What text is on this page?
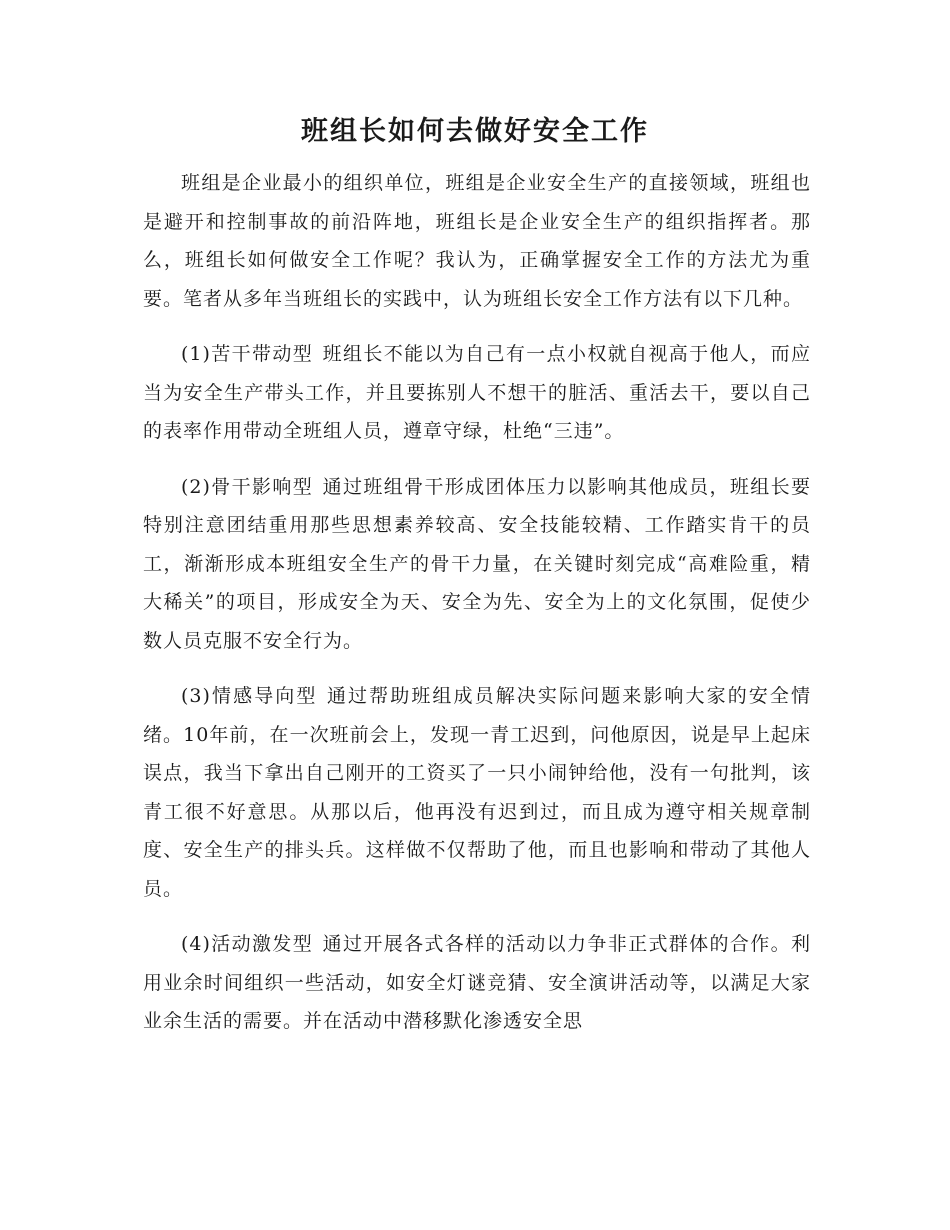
班组长如何去做好安全工作

班组是企业最小的组织单位，班组是企业安全生产的直接领域，班组也是避开和控制事故的前沿阵地，班组长是企业安全生产的组织指挥者。那么，班组长如何做安全工作呢？我认为，正确掌握安全工作的方法尤为重要。笔者从多年当班组长的实践中，认为班组长安全工作方法有以下几种。

(1)苦干带动型 班组长不能以为自己有一点小权就自视高于他人，而应当为安全生产带头工作，并且要拣别人不想干的脏活、重活去干，要以自己的表率作用带动全班组人员，遵章守绿，杜绝“三违”。

(2)骨干影响型 通过班组骨干形成团体压力以影响其他成员，班组长要特别注意团结重用那些思想素养较高、安全技能较精、工作踏实肯干的员工，渐渐形成本班组安全生产的骨干力量，在关键时刻完成“高难险重，精大稀关”的项目，形成安全为天、安全为先、安全为上的文化氛围，促使少数人员克服不安全行为。

(3)情感导向型 通过帮助班组成员解决实际问题来影响大家的安全情绪。10年前，在一次班前会上，发现一青工迟到，问他原因，说是早上起床误点，我当下拿出自己刚开的工资买了一只小闹钟给他，没有一句批判，该青工很不好意思。从那以后，他再没有迟到过，而且成为遵守相关规章制度、安全生产的排头兵。这样做不仅帮助了他，而且也影响和带动了其他人员。

(4)活动激发型 通过开展各式各样的活动以力争非正式群体的合作。利用业余时间组织一些活动，如安全灯谜竞猜、安全演讲活动等，以满足大家业余生活的需要。并在活动中潜移默化渗透安全思
